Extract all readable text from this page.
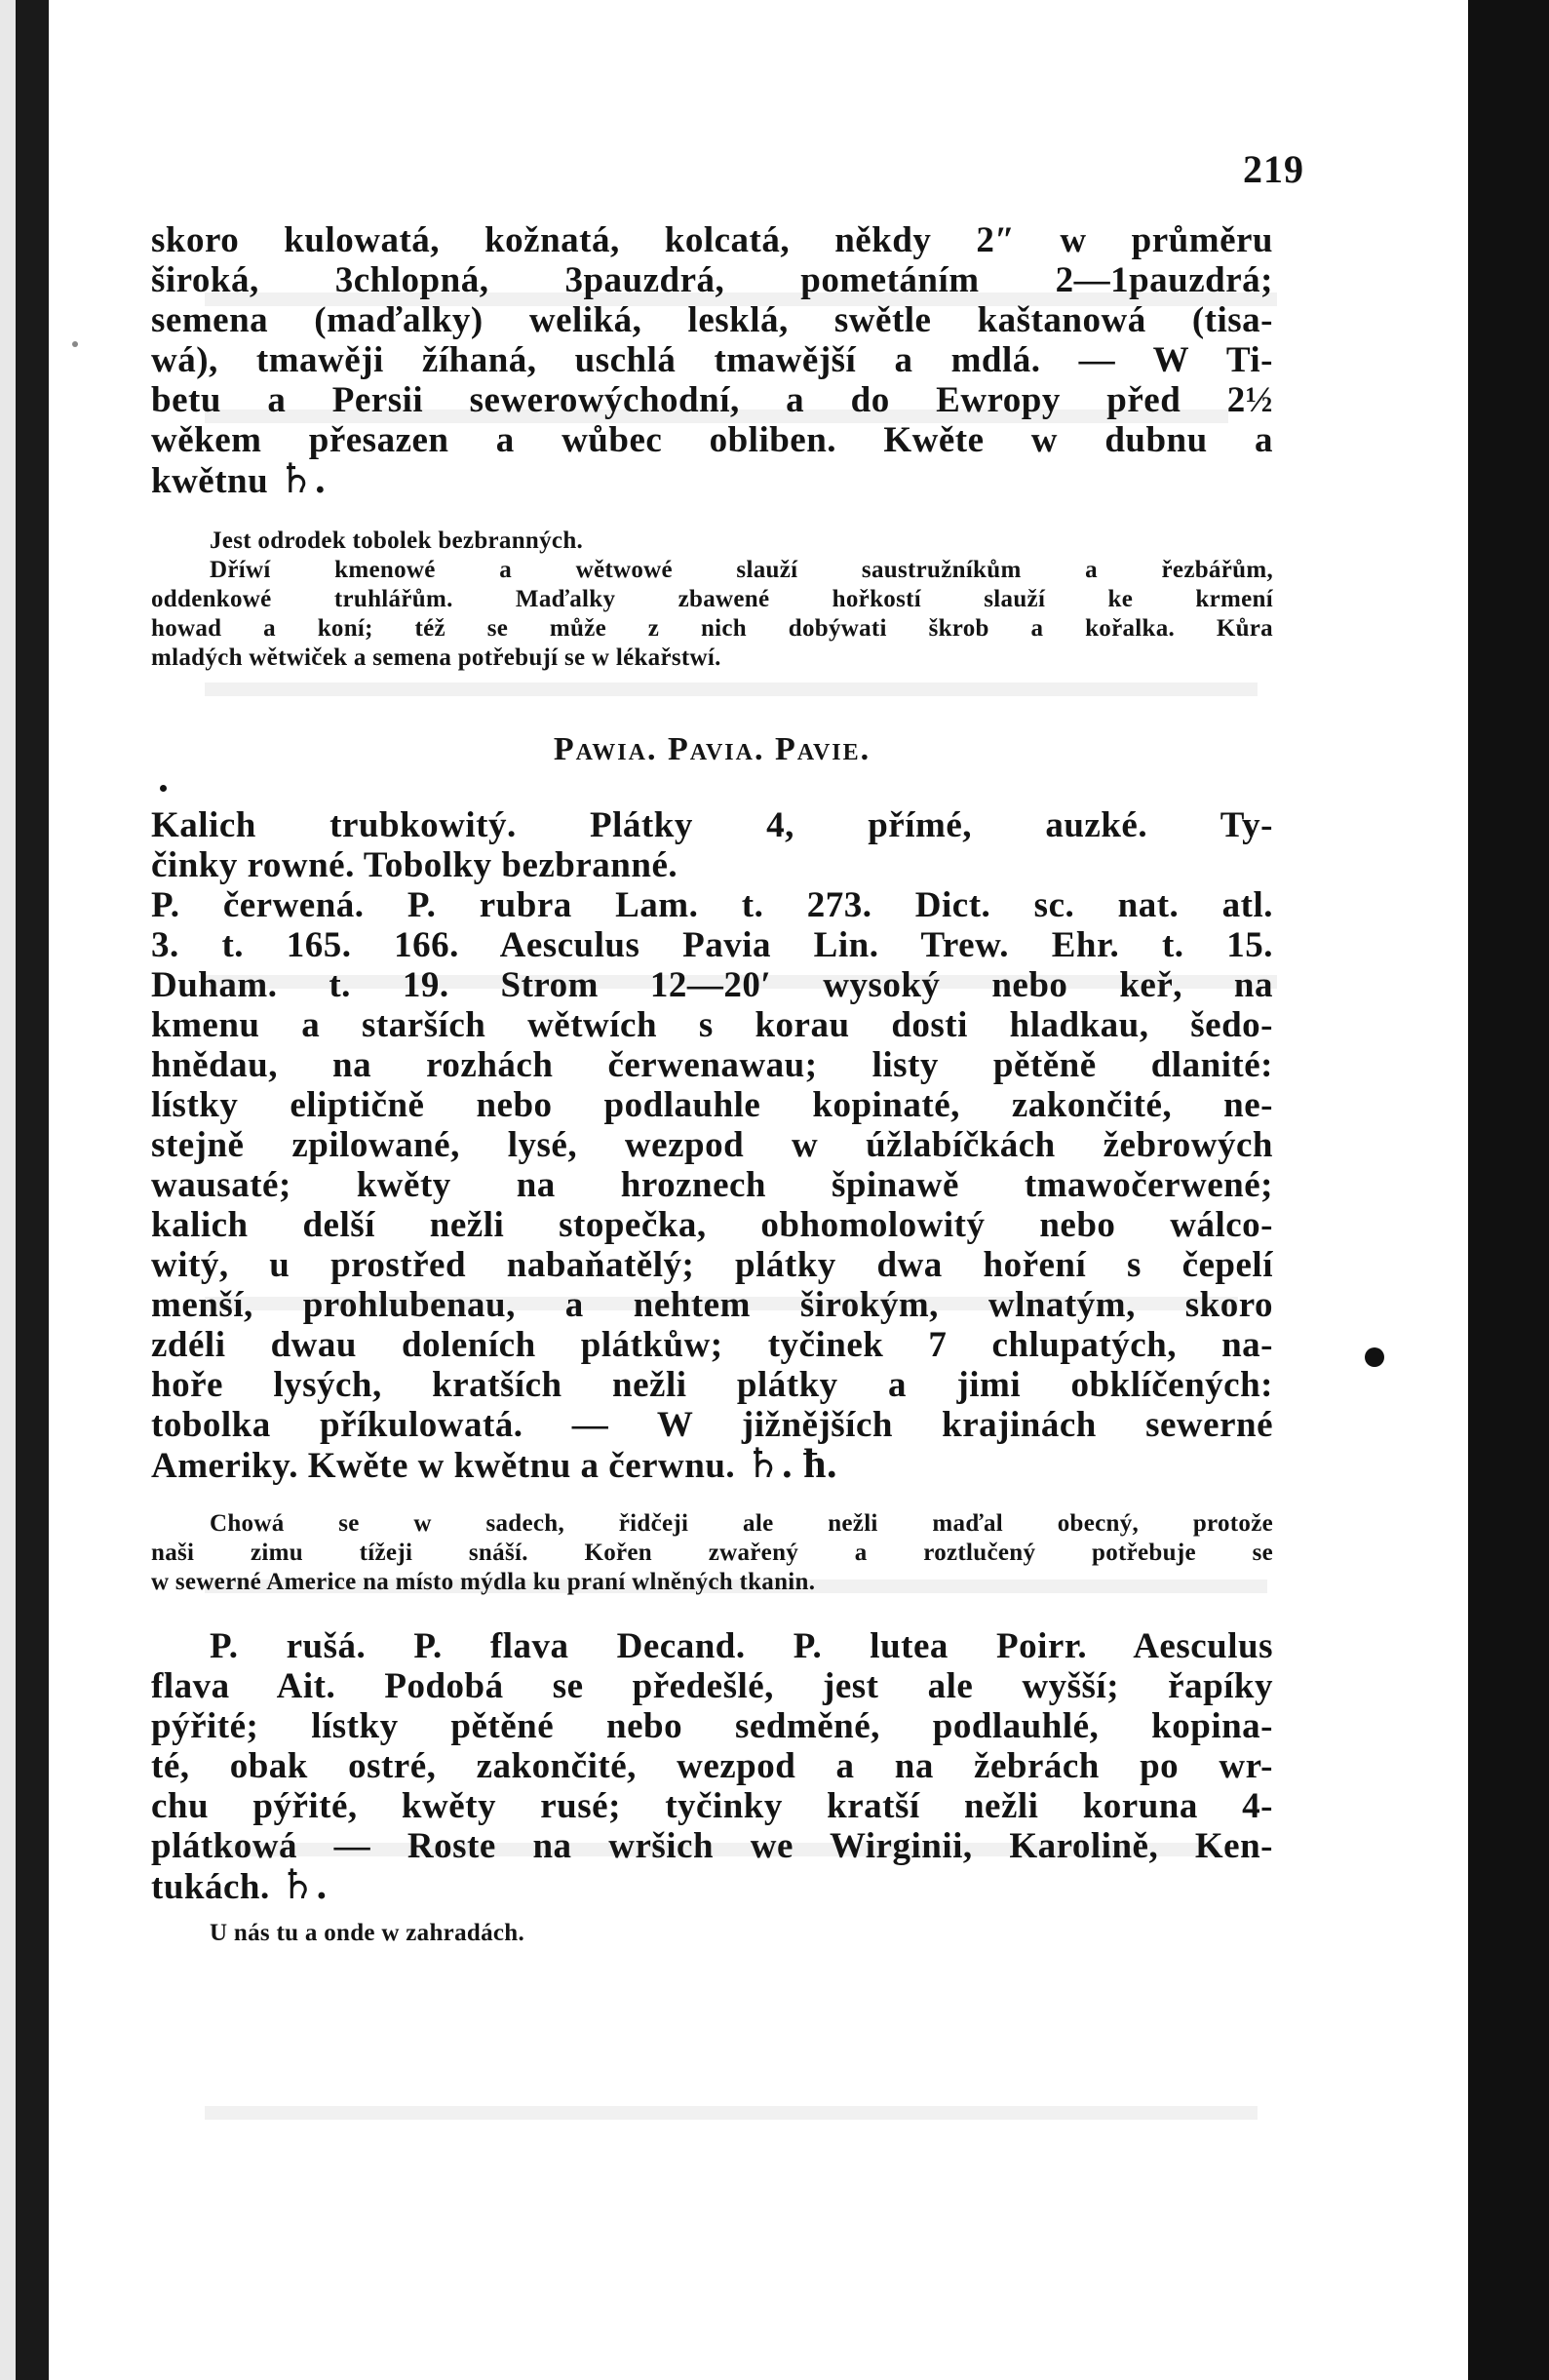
219
skoro kulowatá, kožnatá, kolcatá, někdy 2″ w průměru
široká, 3chlopná, 3pauzdrá, pometáním 2—1pauzdrá;
semena (maďalky) weliká, lesklá, swětle kaštanowá (tisa-
wá), tmawěji žíhaná, uschlá tmawější a mdlá. — W Ti-
betu a Persii sewerowýchodní, a do Ewropy před 2½
wěkem přesazen a wůbec obliben. Kwěte w dubnu a
kwětnu ♄.
Jest odrodek tobolek bezbranných.
Dříwí kmenowé a wětwowé slauží saustružníkům a řezbářům,
oddenkowé truhlářům. Maďalky zbawené hořkostí slauží ke krmení
howad a koní; též se může z nich dobýwati škrob a kořalka. Kůra
mladých wětwiček a semena potřebují se w lékařstwí.
Pawia. Pavia. Pavie.
Kalich trubkowitý. Plátky 4, přímé, auzké. Ty-
činky rowné. Tobolky bezbranné.
P. čerwená. P. rubra Lam. t. 273. Dict. sc. nat. atl.
3. t. 165. 166. Aesculus Pavia Lin. Trew. Ehr. t. 15.
Duham. t. 19. Strom 12—20′ wysoký nebo keř, na
kmenu a starších wětwích s korau dosti hladkau, šedo-
hnědau, na rozhách čerwenawau; listy pětěně dlanité:
lístky eliptičně nebo podlauhle kopinaté, zakončité, ne-
stejně zpilowané, lysé, wezpod w úžlabíčkách žebrowých
wausaté; kwěty na hroznech špinawě tmawočerwené;
kalich delší nežli stopečka, obhomolowitý nebo wálco-
witý, u prostřed nabaňatělý; plátky dwa hoření s čepelí
menší, prohlubenau, a nehtem širokým, wlnatým, skoro
zdéli dwau doleních plátkůw; tyčinek 7 chlupatých, na-
hoře lysých, kratších nežli plátky a jimi obklíčených:
tobolka příkulowatá. — W jižnějších krajinách sewerné
Ameriky. Kwěte w kwětnu a čerwnu. ♄. ħ.
Chowá se w sadech, řidčeji ale nežli maďal obecný, protože
naši zimu tížeji snáší. Kořen zwařený a roztlučený potřebuje se
w sewerné Americe na místo mýdla ku praní wlněných tkanin.
P. rušá. P. flava Decand. P. lutea Poirr. Aesculus
flava Ait. Podobá se předešlé, jest ale wyšší; řapíky
pýřité; lístky pětěné nebo sedměné, podlauhlé, kopina-
té, obak ostré, zakončité, wezpod a na žebrách po wr-
chu pýřité, kwěty rusé; tyčinky kratší nežli koruna 4-
plátkowá — Roste na wršich we Wirginii, Karolině, Ken-
tukách. ♄.
U nás tu a onde w zahradách.
